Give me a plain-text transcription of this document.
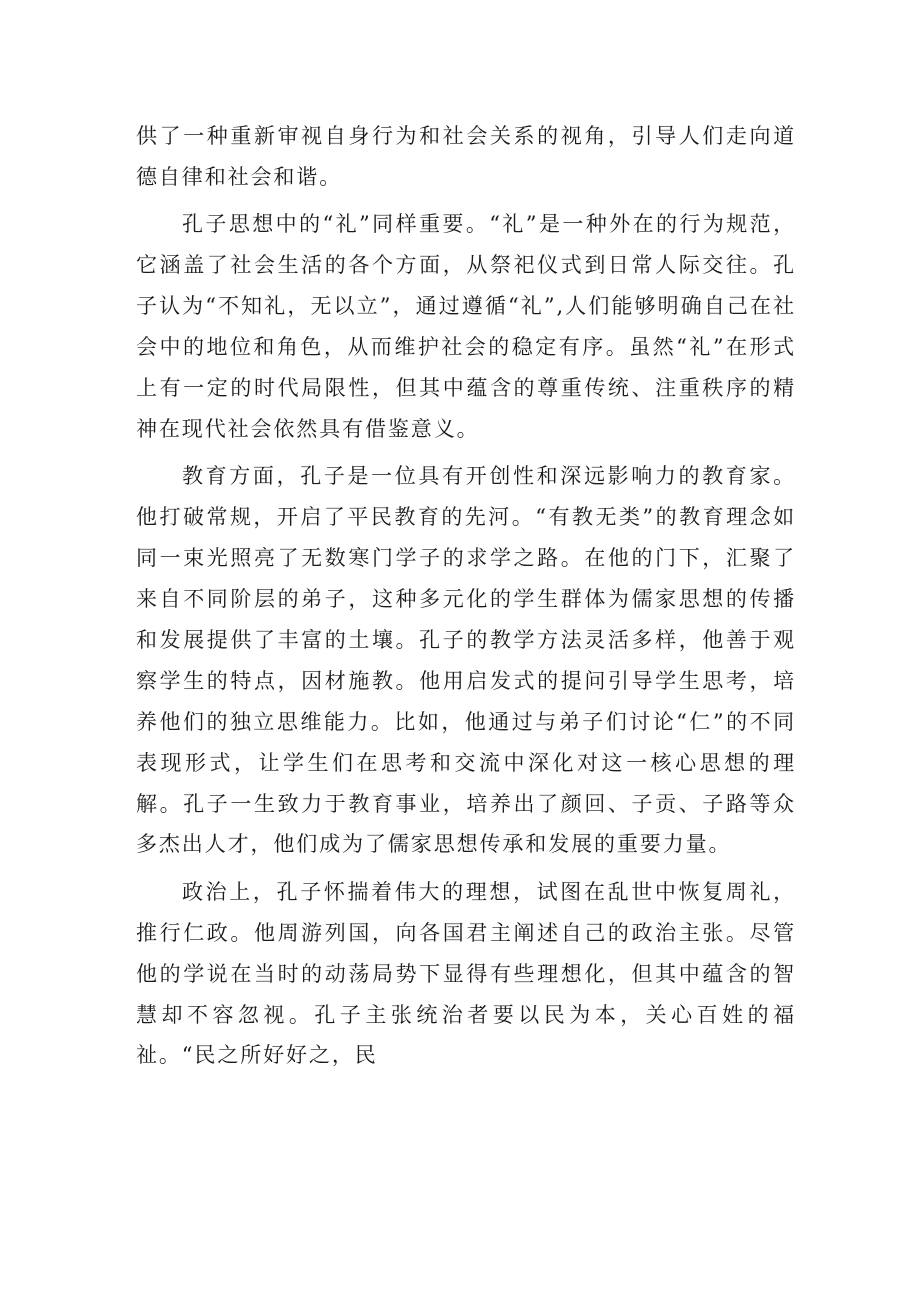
供了一种重新审视自身行为和社会关系的视角，引导人们走向道德自律和社会和谐。

孔子思想中的“礼”同样重要。“礼”是一种外在的行为规范，它涵盖了社会生活的各个方面，从祭祀仪式到日常人际交往。孔子认为“不知礼，无以立”，通过遵循“礼”,人们能够明确自己在社会中的地位和角色，从而维护社会的稳定有序。虽然“礼”在形式上有一定的时代局限性，但其中蕴含的尊重传统、注重秩序的精神在现代社会依然具有借鉴意义。

教育方面，孔子是一位具有开创性和深远影响力的教育家。他打破常规，开启了平民教育的先河。“有教无类”的教育理念如同一束光照亮了无数寒门学子的求学之路。在他的门下，汇聚了来自不同阶层的弟子，这种多元化的学生群体为儒家思想的传播和发展提供了丰富的土壤。孔子的教学方法灵活多样，他善于观察学生的特点，因材施教。他用启发式的提问引导学生思考，培养他们的独立思维能力。比如，他通过与弟子们讨论“仁”的不同表现形式，让学生们在思考和交流中深化对这一核心思想的理解。孔子一生致力于教育事业，培养出了颜回、子贡、子路等众多杰出人才，他们成为了儒家思想传承和发展的重要力量。

政治上，孔子怀揣着伟大的理想，试图在乱世中恢复周礼，推行仁政。他周游列国，向各国君主阐述自己的政治主张。尽管他的学说在当时的动荡局势下显得有些理想化，但其中蕴含的智慧却不容忽视。孔子主张统治者要以民为本，关心百姓的福祉。“民之所好好之，民
